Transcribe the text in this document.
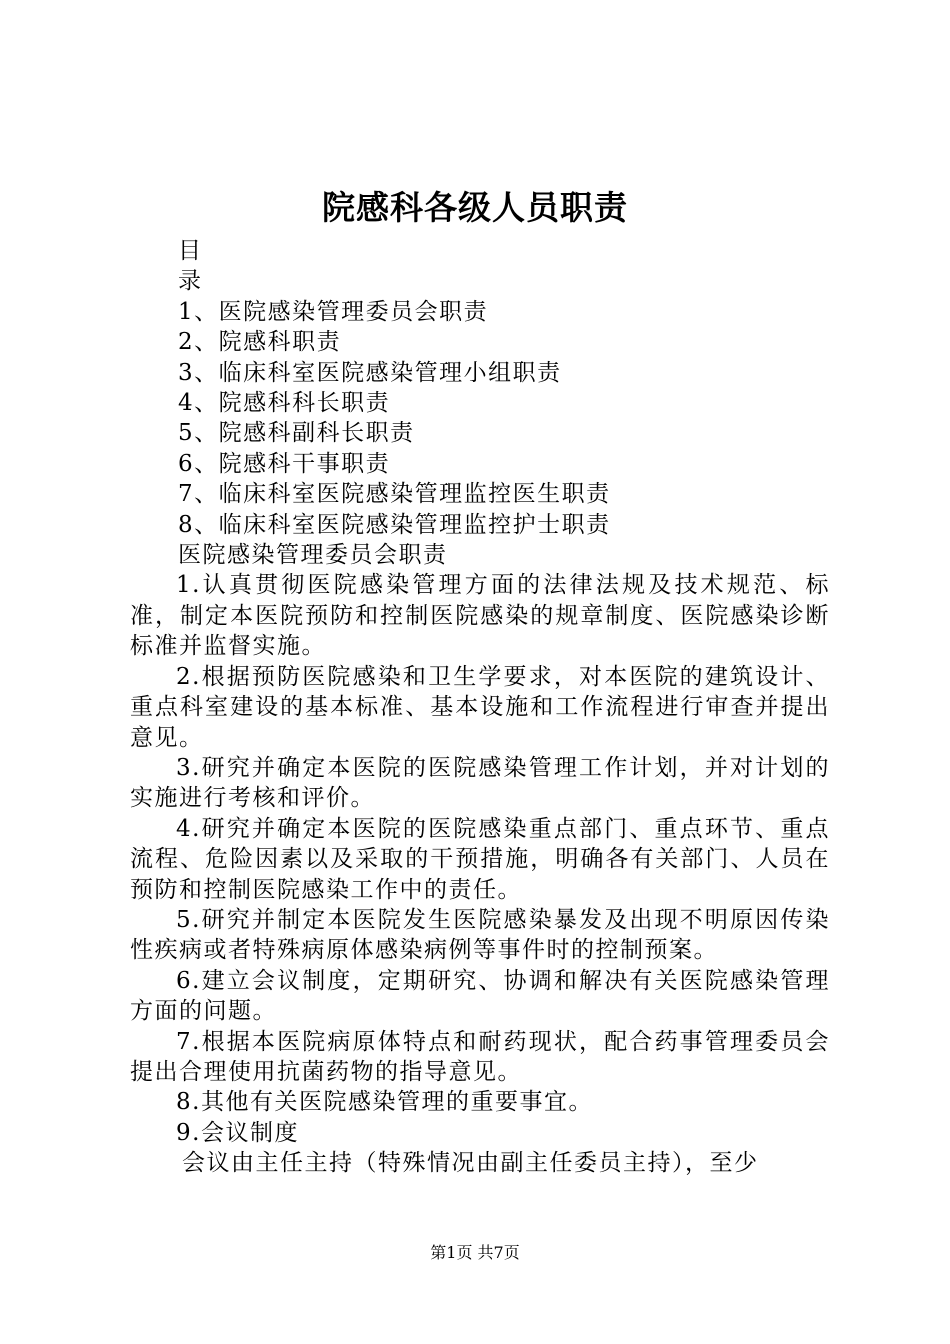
院感科各级人员职责

目

录

1、医院感染管理委员会职责

2、院感科职责

3、临床科室医院感染管理小组职责

4、院感科科长职责

5、院感科副科长职责

6、院感科干事职责

7、临床科室医院感染管理监控医生职责

8、临床科室医院感染管理监控护士职责

医院感染管理委员会职责

1.认真贯彻医院感染管理方面的法律法规及技术规范、标准，制定本医院预防和控制医院感染的规章制度、医院感染诊断标准并监督实施。

2.根据预防医院感染和卫生学要求，对本医院的建筑设计、重点科室建设的基本标准、基本设施和工作流程进行审查并提出意见。

3.研究并确定本医院的医院感染管理工作计划，并对计划的实施进行考核和评价。

4.研究并确定本医院的医院感染重点部门、重点环节、重点流程、危险因素以及采取的干预措施，明确各有关部门、人员在预防和控制医院感染工作中的责任。

5.研究并制定本医院发生医院感染暴发及出现不明原因传染性疾病或者特殊病原体感染病例等事件时的控制预案。

6.建立会议制度，定期研究、协调和解决有关医院感染管理方面的问题。

7.根据本医院病原体特点和耐药现状，配合药事管理委员会提出合理使用抗菌药物的指导意见。

8.其他有关医院感染管理的重要事宜。

9.会议制度

会议由主任主持（特殊情况由副主任委员主持），至少

第1页 共7页
